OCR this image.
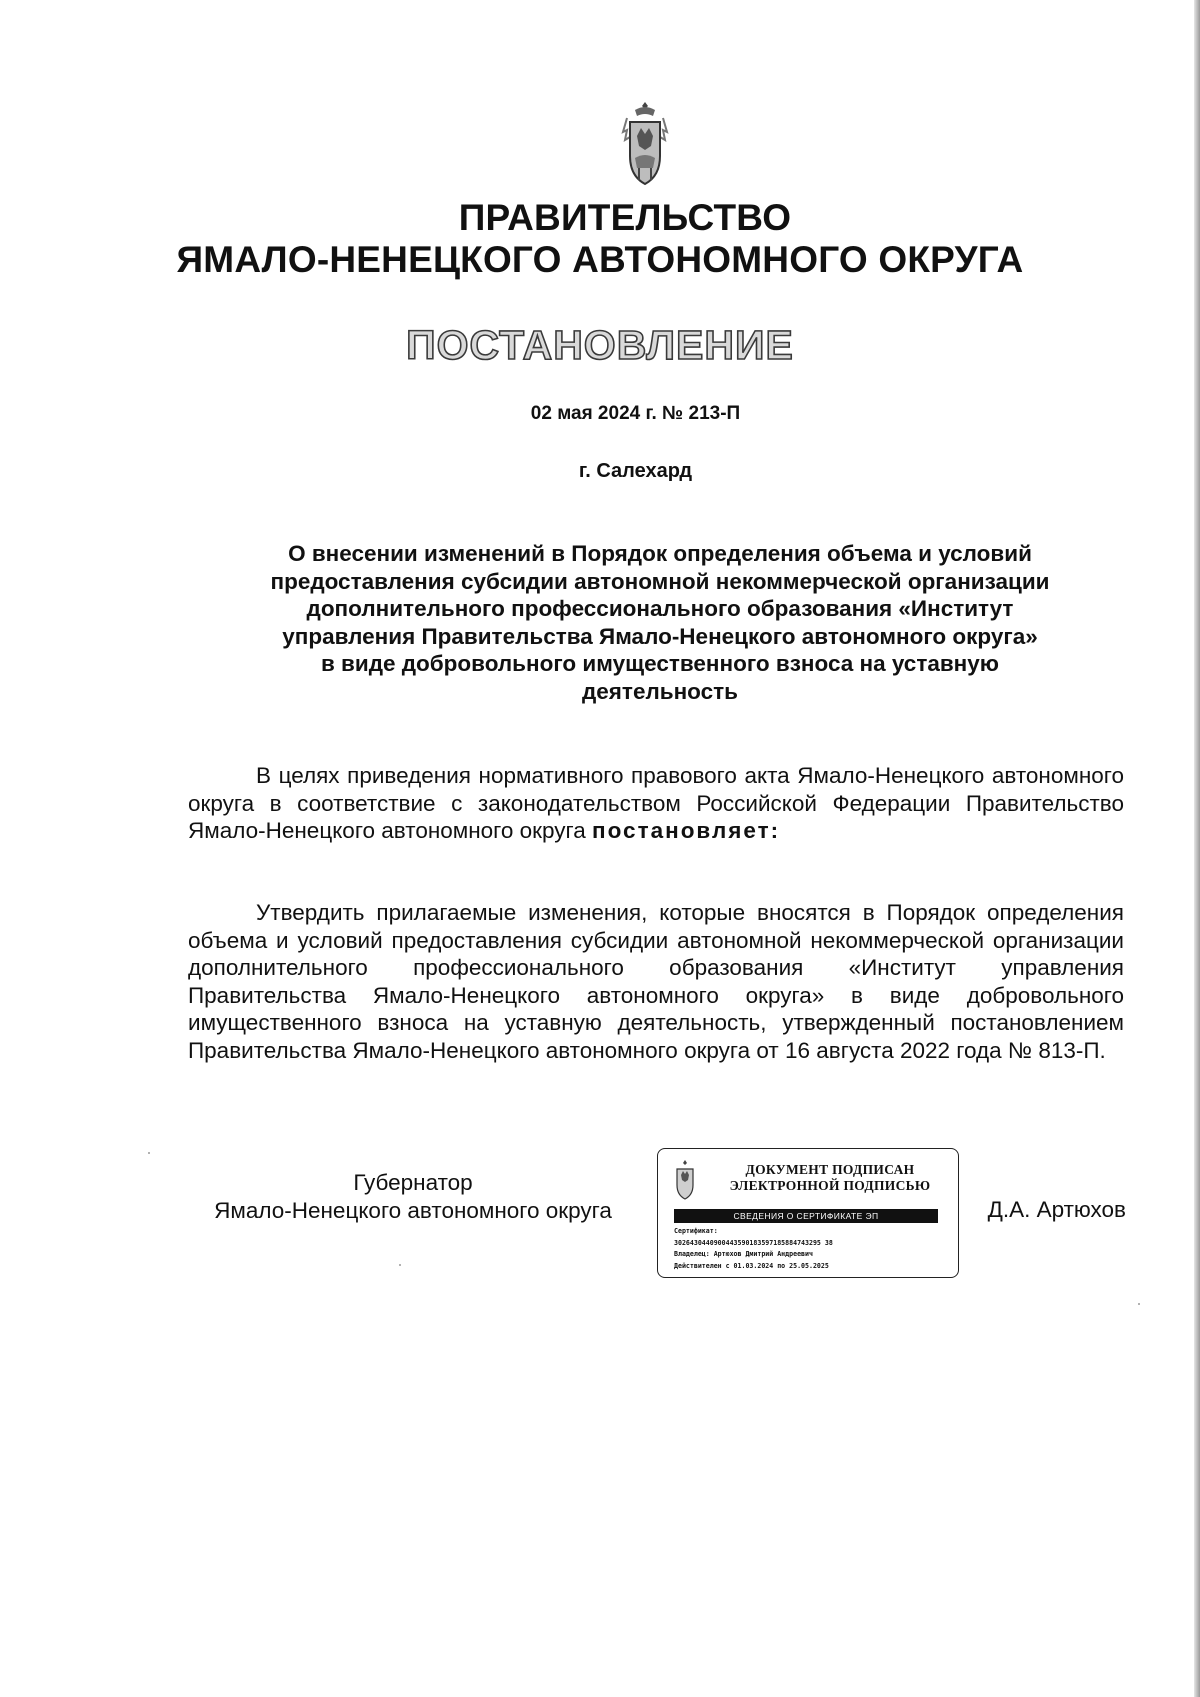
ПРАВИТЕЛЬСТВО
ЯМАЛО-НЕНЕЦКОГО АВТОНОМНОГО ОКРУГА
ПОСТАНОВЛЕНИЕ
02 мая 2024 г. № 213-П
г. Салехард
О внесении изменений в Порядок определения объема и условий
предоставления субсидии автономной некоммерческой организации
дополнительного профессионального образования «Институт
управления Правительства Ямало-Ненецкого автономного округа»
в виде добровольного имущественного взноса на уставную
деятельность
В целях приведения нормативного правового акта Ямало-Ненецкого автономного округа в соответствие с законодательством Российской Федерации Правительство Ямало-Ненецкого автономного округа постановляет:
Утвердить прилагаемые изменения, которые вносятся в Порядок определения объема и условий предоставления субсидии автономной некоммерческой организации дополнительного профессионального образования «Институт управления Правительства Ямало-Ненецкого автономного округа» в виде добровольного имущественного взноса на уставную деятельность, утвержденный постановлением Правительства Ямало-Ненецкого автономного округа от 16 августа 2022 года № 813-П.
Губернатор
Ямало-Ненецкого автономного округа
ДОКУМЕНТ ПОДПИСАН
ЭЛЕКТРОННОЙ ПОДПИСЬЮ
СВЕДЕНИЯ О СЕРТИФИКАТЕ ЭП
Сертификат:
3026430440900443590183597185884743295 38
Владелец: Артюхов Дмитрий Андреевич
Действителен с 01.03.2024 по 25.05.2025
Д.А. Артюхов
